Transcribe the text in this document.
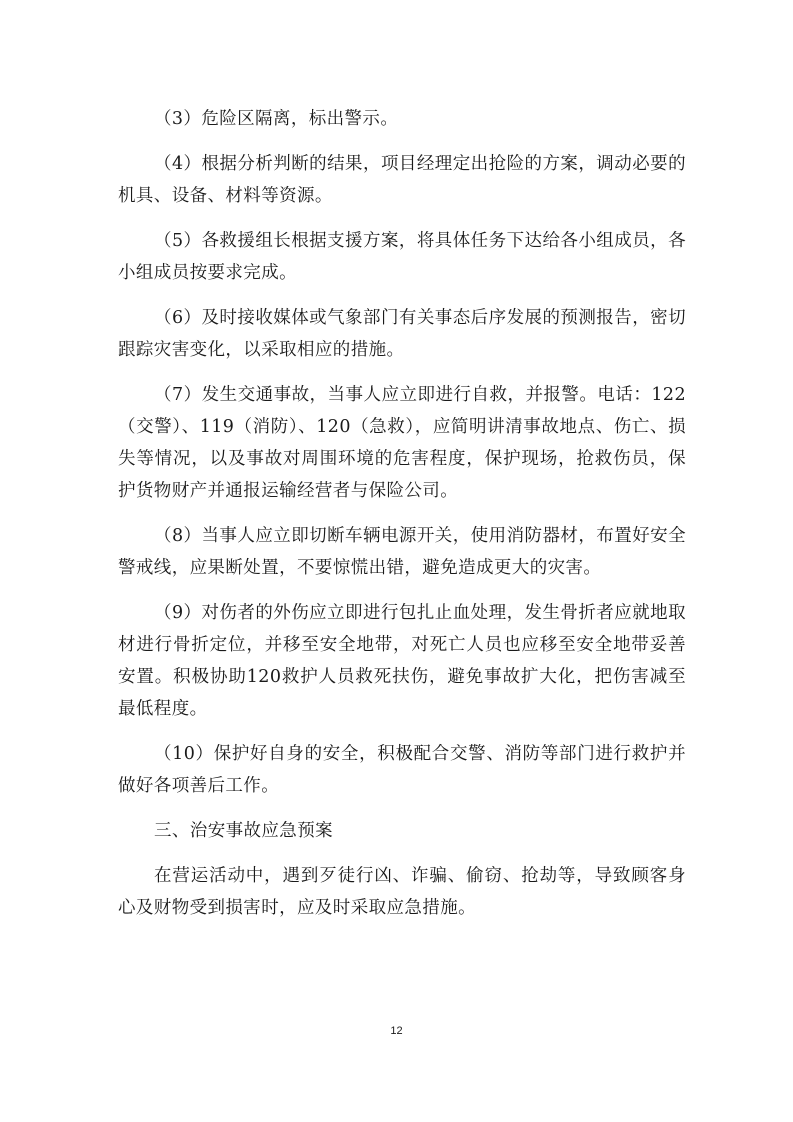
（3）危险区隔离，标出警示。

（4）根据分析判断的结果，项目经理定出抢险的方案，调动必要的机具、设备、材料等资源。

（5）各救援组长根据支援方案，将具体任务下达给各小组成员，各小组成员按要求完成。

（6）及时接收媒体或气象部门有关事态后序发展的预测报告，密切跟踪灾害变化，以采取相应的措施。

（7）发生交通事故，当事人应立即进行自救，并报警。电话：122（交警）、119（消防）、120（急救），应简明讲清事故地点、伤亡、损失等情况，以及事故对周围环境的危害程度，保护现场，抢救伤员，保护货物财产并通报运输经营者与保险公司。

（8）当事人应立即切断车辆电源开关，使用消防器材，布置好安全警戒线，应果断处置，不要惊慌出错，避免造成更大的灾害。

（9）对伤者的外伤应立即进行包扎止血处理，发生骨折者应就地取材进行骨折定位，并移至安全地带，对死亡人员也应移至安全地带妥善安置。积极协助120救护人员救死扶伤，避免事故扩大化，把伤害减至最低程度。

（10）保护好自身的安全，积极配合交警、消防等部门进行救护并做好各项善后工作。

三、治安事故应急预案

在营运活动中，遇到歹徒行凶、诈骗、偷窃、抢劫等，导致顾客身心及财物受到损害时，应及时采取应急措施。

12
